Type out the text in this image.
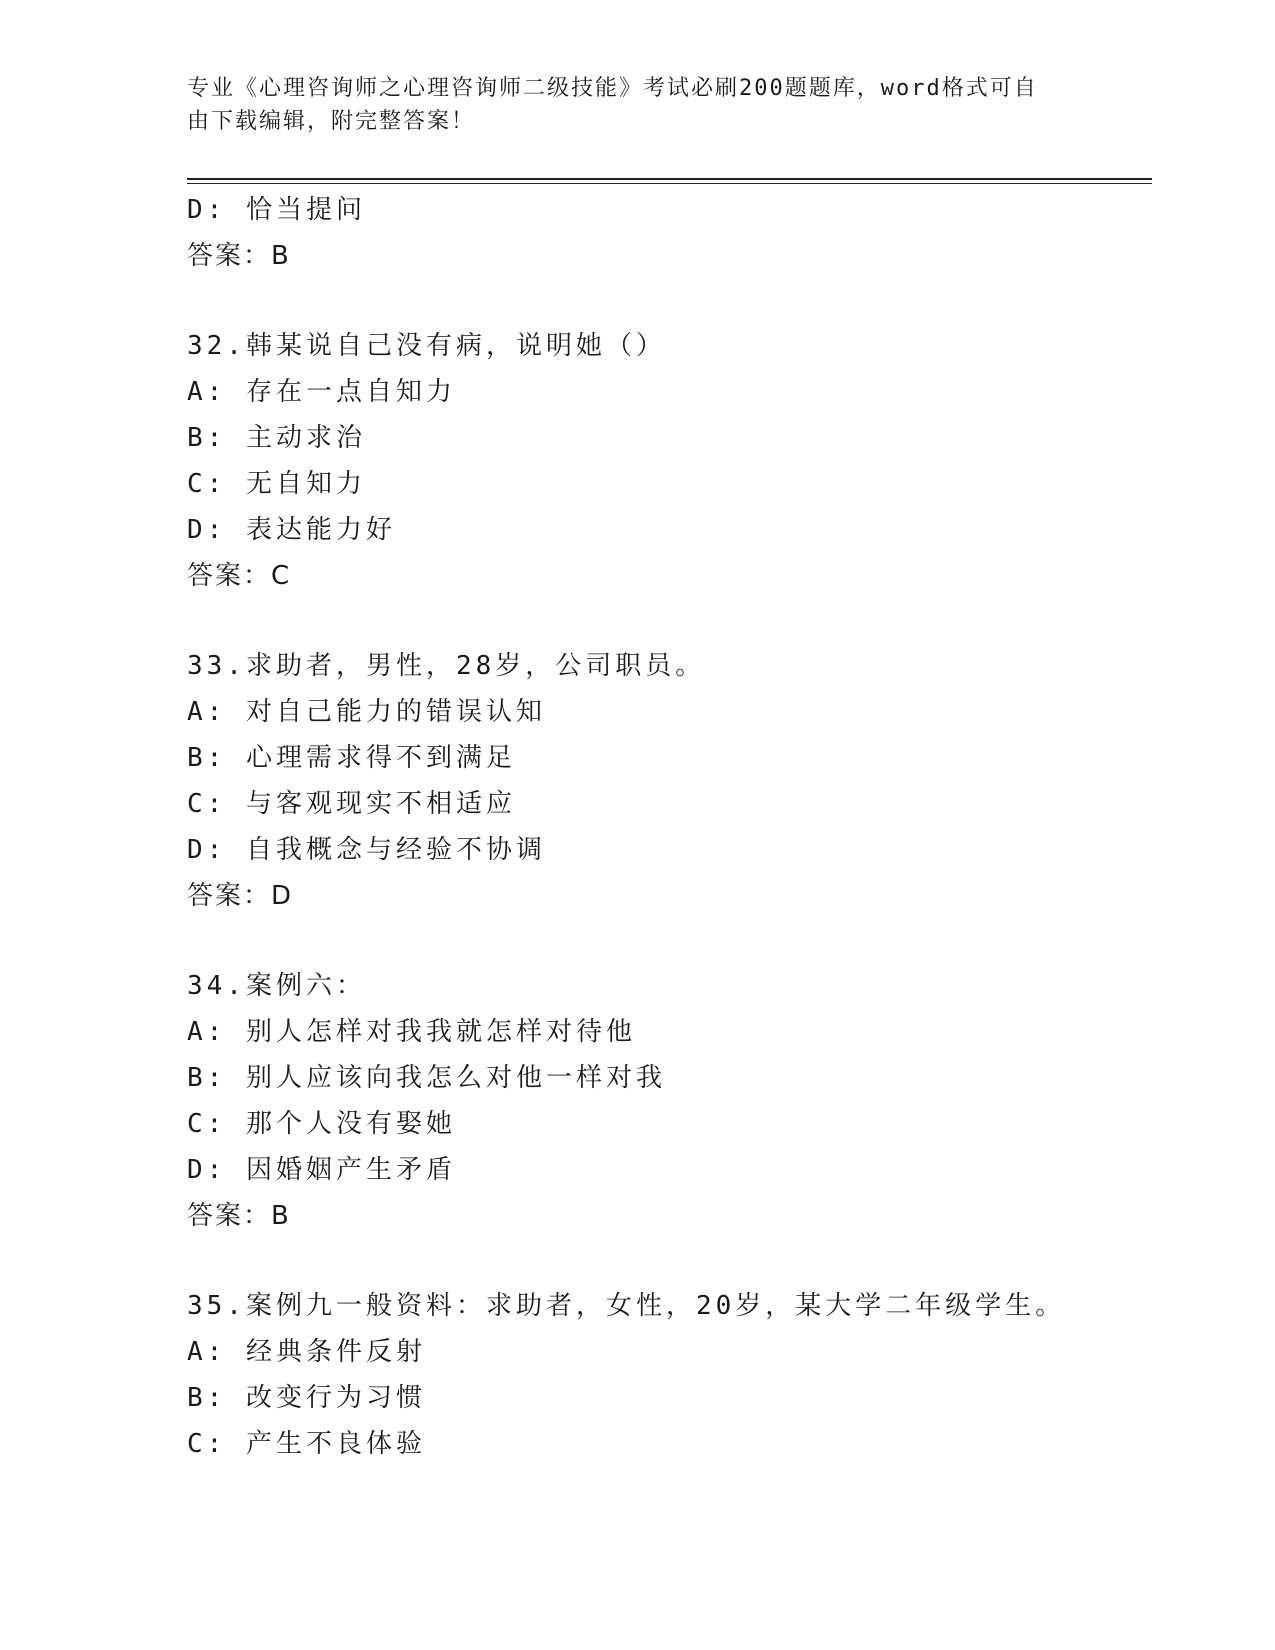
专业《心理咨询师之心理咨询师二级技能》考试必刷200题题库，word格式可自
由下载编辑，附完整答案！
D: 恰当提问
答案：B
32.韩某说自己没有病，说明她（）
A: 存在一点自知力
B: 主动求治
C: 无自知力
D: 表达能力好
答案：C
33.求助者，男性，28岁，公司职员。
A: 对自己能力的错误认知
B: 心理需求得不到满足
C: 与客观现实不相适应
D: 自我概念与经验不协调
答案：D
34.案例六：
A: 别人怎样对我我就怎样对待他
B: 别人应该向我怎么对他一样对我
C: 那个人没有娶她
D: 因婚姻产生矛盾
答案：B
35.案例九一般资料：求助者，女性，20岁，某大学二年级学生。
A: 经典条件反射
B: 改变行为习惯
C: 产生不良体验
